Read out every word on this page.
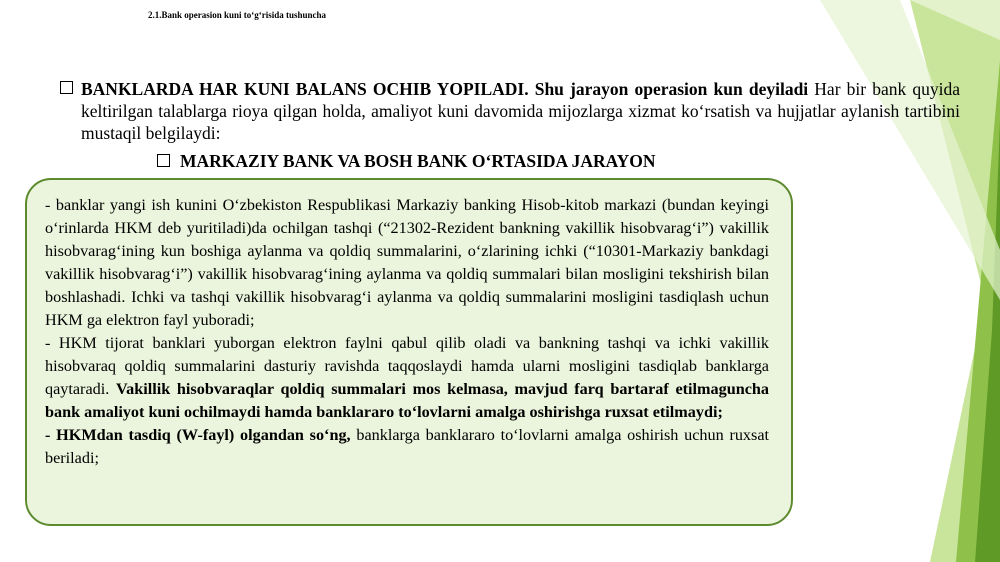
2.1.Bank operasion kuni to‘g‘risida tushuncha
BANKLARDA HAR KUNI BALANS OCHIB YOPILADI. Shu jarayon operasion kun deyiladi Har bir bank quyida keltirilgan talablarga rioya qilgan holda, amaliyot kuni davomida mijozlarga xizmat ko‘rsatish va hujjatlar aylanish tartibini mustaqil belgilaydi:
MARKAZIY BANK VA BOSH BANK O‘RTASIDA JARAYON

- banklar yangi ish kunini O‘zbekiston Respublikasi Markaziy banking Hisob-kitob markazi (bundan keyingi o‘rinlarda HKM deb yuritiladi)da ochilgan tashqi (“21302-Rezident bankning vakillik hisobvarag‘i”) vakillik hisobvarag‘ining kun boshiga aylanma va qoldiq summalarini, o‘zlarining ichki (“10301-Markaziy bankdagi vakillik hisobvarag‘i”) vakillik hisobvarag‘ining aylanma va qoldiq summalari bilan mosligini tekshirish bilan boshlashadi. Ichki va tashqi vakillik hisobvarag‘i aylanma va qoldiq summalarini mosligini tasdiqlash uchun HKM ga elektron fayl yuboradi;

- HKM tijorat banklari yuborgan elektron faylni qabul qilib oladi va bankning tashqi va ichki vakillik hisobvaraq qoldiq summalarini dasturiy ravishda taqqoslaydi hamda ularni mosligini tasdiqlab banklarga qaytaradi. Vakillik hisobvaraqlar qoldiq summalari mos kelmasa, mavjud farq bartaraf etilmaguncha bank amaliyot kuni ochilmaydi hamda banklararo to‘lovlarni amalga oshirishga ruxsat etilmaydi;

- HKMdan tasdiq (W-fayl) olgandan so‘ng, banklarga banklararo to‘lovlarni amalga oshirish uchun ruxsat beriladi;
